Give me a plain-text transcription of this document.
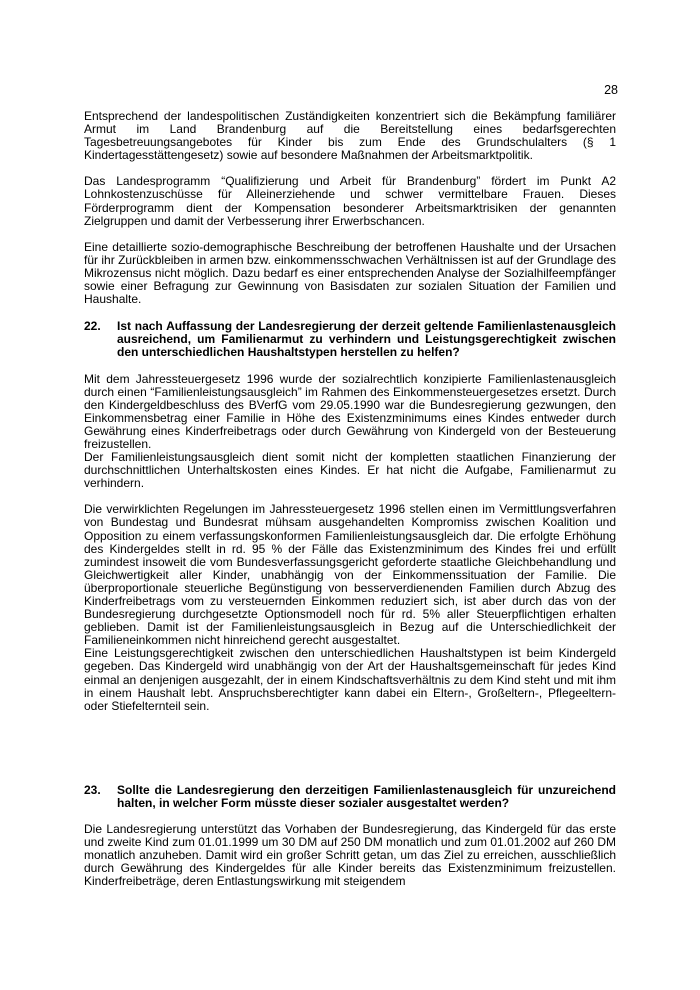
28

Entsprechend der landespolitischen Zuständigkeiten konzentriert sich die Bekämpfung familiärer Armut im Land Brandenburg auf die Bereitstellung eines bedarfsgerechten Tagesbetreuungsangebotes für Kinder bis zum Ende des Grundschulalters (§ 1 Kindertagesstättengesetz) sowie auf besondere Maßnahmen der Arbeitsmarktpolitik.

Das Landesprogramm “Qualifizierung und Arbeit für Brandenburg” fördert im Punkt A2 Lohnkostenzuschüsse für Alleinerziehende und schwer vermittelbare Frauen. Dieses Förderprogramm dient der Kompensation besonderer Arbeitsmarktrisiken der genannten Zielgruppen und damit der Verbesserung ihrer Erwerbschancen.

Eine detaillierte sozio-demographische Beschreibung der betroffenen Haushalte und der Ursachen für ihr Zurückbleiben in armen bzw. einkommensschwachen Verhältnissen ist auf der Grundlage des Mikrozensus nicht möglich. Dazu bedarf es einer entsprechenden Analyse der Sozialhilfeempfänger sowie einer Befragung zur Gewinnung von Basisdaten zur sozialen Situation der Familien und Haushalte.

22.	Ist nach Auffassung der Landesregierung der derzeit geltende Familienlastenausgleich ausreichend, um Familienarmut zu verhindern und Leistungsgerechtigkeit zwischen den unterschiedlichen Haushaltstypen herstellen zu helfen?

Mit dem Jahressteuergesetz 1996 wurde der sozialrechtlich konzipierte Familienlastenausgleich durch einen “Familienleistungsausgleich” im Rahmen des Einkommensteuergesetzes ersetzt. Durch den Kindergeldbeschluss des BVerfG vom 29.05.1990 war die Bundesregierung gezwungen, den Einkommensbetrag einer Familie in Höhe des Existenzminimums eines Kindes entweder durch Gewährung eines Kinderfreibetrags oder durch Gewährung von Kindergeld von der Besteuerung freizustellen.

Der Familienleistungsausgleich dient somit nicht der kompletten staatlichen Finanzierung der durchschnittlichen Unterhaltskosten eines Kindes. Er hat nicht die Aufgabe, Familienarmut zu verhindern.

Die verwirklichten Regelungen im Jahressteuergesetz 1996 stellen einen im Vermittlungsverfahren von Bundestag und Bundesrat mühsam ausgehandelten Kompromiss zwischen Koalition und Opposition zu einem verfassungskonformen Familienleistungsausgleich dar. Die erfolgte Erhöhung des Kindergeldes stellt in rd. 95 % der Fälle das Existenzminimum des Kindes frei und erfüllt zumindest insoweit die vom Bundesverfassungsgericht geforderte staatliche Gleichbehandlung und Gleichwertigkeit aller Kinder, unabhängig von der Einkommenssituation der Familie. Die überproportionale steuerliche Begünstigung von besserverdienenden Familien durch Abzug des Kinderfreibetrags vom zu versteuernden Einkommen reduziert sich, ist aber durch das von der Bundesregierung durchgesetzte Optionsmodell noch für rd. 5% aller Steuerpflichtigen erhalten geblieben. Damit ist der Familienleistungsausgleich in Bezug auf die Unterschiedlichkeit der Familieneinkommen nicht hinreichend gerecht ausgestaltet.

Eine Leistungsgerechtigkeit zwischen den unterschiedlichen Haushaltstypen ist beim Kindergeld gegeben. Das Kindergeld wird unabhängig von der Art der Haushaltsgemeinschaft für jedes Kind einmal an denjenigen ausgezahlt, der in einem Kindschaftsverhältnis zu dem Kind steht und mit ihm in einem Haushalt lebt. Anspruchsberechtigter kann dabei ein Eltern-, Großeltern-, Pflegeeltern- oder Stiefelternteil sein.

23.	Sollte die Landesregierung den derzeitigen Familienlastenausgleich für unzureichend halten, in welcher Form müsste dieser sozialer ausgestaltet werden?

Die Landesregierung unterstützt das Vorhaben der Bundesregierung, das Kindergeld für das erste und zweite Kind zum 01.01.1999 um 30 DM auf 250 DM monatlich und zum 01.01.2002 auf 260 DM monatlich anzuheben. Damit wird ein großer Schritt getan, um das Ziel zu erreichen, ausschließlich durch Gewährung des Kindergeldes für alle Kinder bereits das Existenzminimum freizustellen. Kinderfreibeträge, deren Entlastungswirkung mit steigendem
